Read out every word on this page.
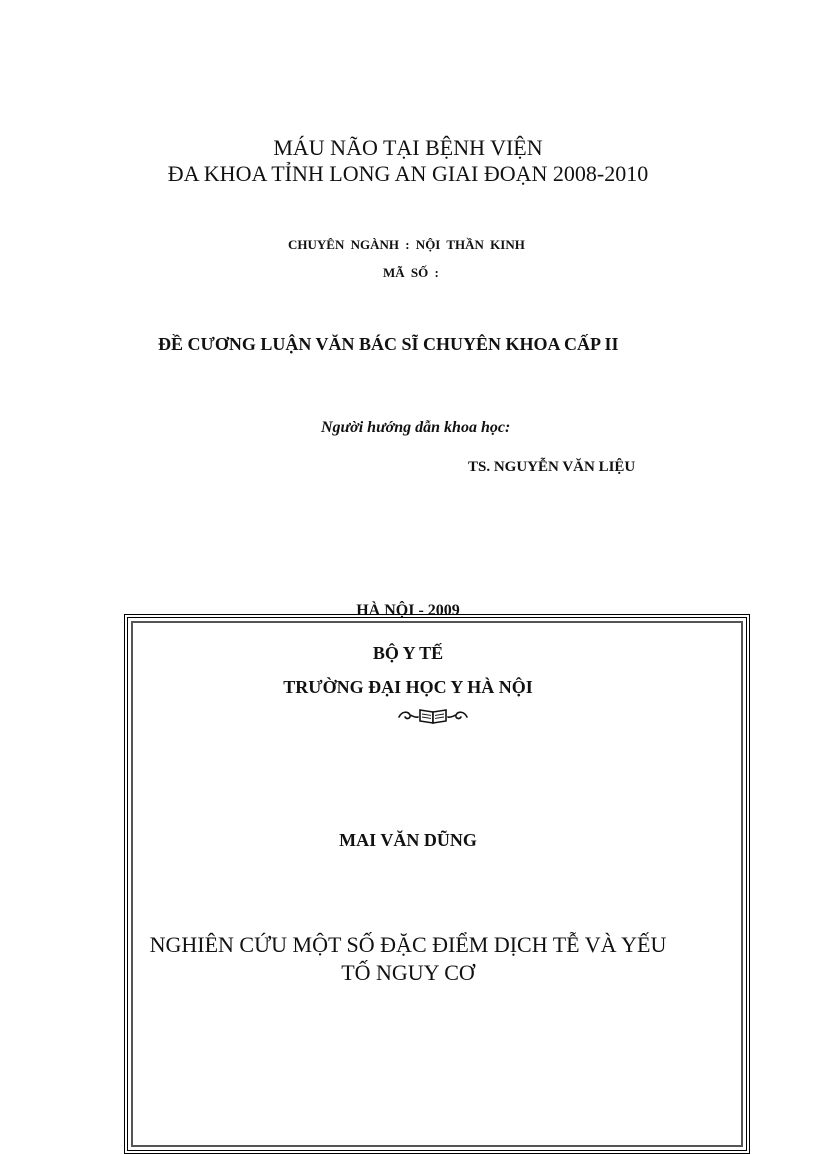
MÁU NÃO TẠI BỆNH VIỆN
ĐA KHOA TỈNH LONG AN GIAI ĐOẠN 2008-2010
CHUYÊN NGÀNH : NỘI THẦN KINH
MÃ SỐ :
ĐỀ CƯƠNG LUẬN VĂN BÁC SĨ CHUYÊN KHOA CẤP II
Người hướng dẫn khoa học:
TS. NGUYỄN VĂN LIỆU
HÀ NỘI - 2009
BỘ Y TẾ
TRƯỜNG ĐẠI HỌC Y HÀ NỘI
MAI VĂN DŨNG
NGHIÊN CỨU MỘT SỐ ĐẶC ĐIỂM DỊCH TỄ VÀ YẾU
TỐ NGUY CƠ
